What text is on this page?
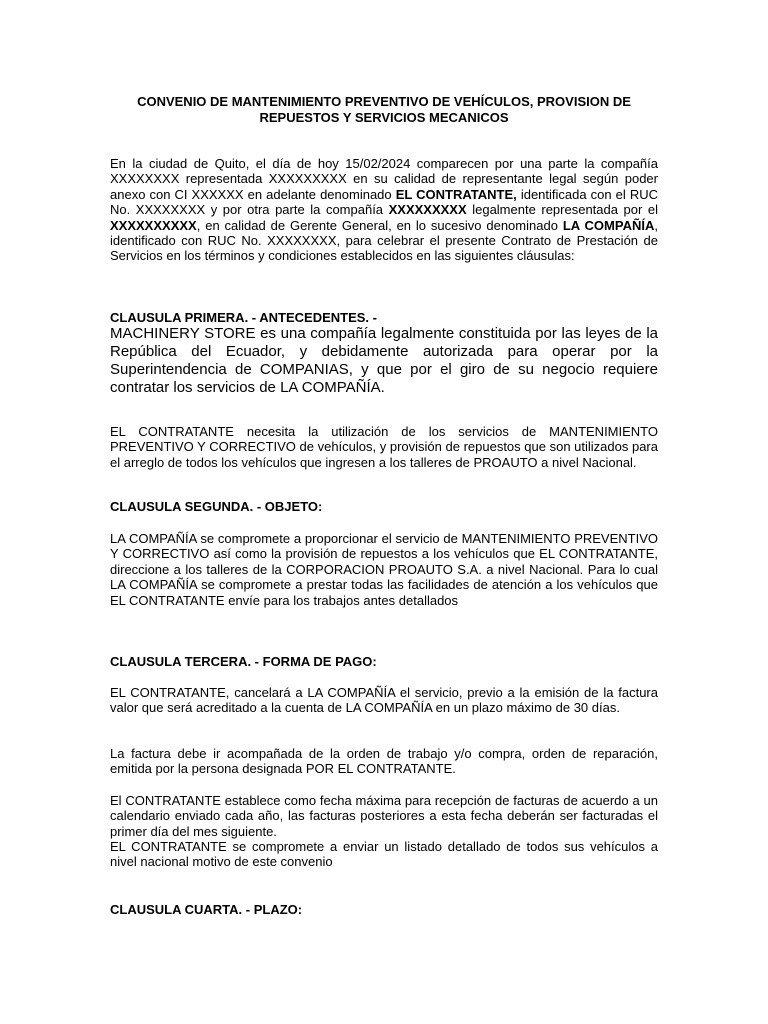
CONVENIO DE MANTENIMIENTO PREVENTIVO DE VEHÍCULOS, PROVISION DE REPUESTOS Y SERVICIOS MECANICOS
En la ciudad de Quito, el día de hoy 15/02/2024 comparecen por una parte la compañía XXXXXXXX representada XXXXXXXXX en su calidad de representante legal según poder anexo con CI XXXXXX en adelante denominado EL CONTRATANTE, identificada con el RUC No. XXXXXXXX y por otra parte la compañía XXXXXXXXX legalmente representada por el XXXXXXXXXX, en calidad de Gerente General, en lo sucesivo denominado LA COMPAÑÍA, identificado con RUC No. XXXXXXXX, para celebrar el presente Contrato de Prestación de Servicios en los términos y condiciones establecidos en las siguientes cláusulas:
CLAUSULA PRIMERA. - ANTECEDENTES. -
MACHINERY STORE es una compañía legalmente constituida por las leyes de la República del Ecuador, y debidamente autorizada para operar por la Superintendencia de COMPANIAS, y que por el giro de su negocio requiere contratar los servicios de LA COMPAÑÍA.
EL CONTRATANTE necesita la utilización de los servicios de MANTENIMIENTO PREVENTIVO Y CORRECTIVO de vehículos, y provisión de repuestos que son utilizados para el arreglo de todos los vehículos que ingresen a los talleres de PROAUTO a nivel Nacional.
CLAUSULA SEGUNDA. - OBJETO:
LA COMPAÑÍA se compromete a proporcionar el servicio de MANTENIMIENTO PREVENTIVO Y CORRECTIVO así como la provisión de repuestos a los vehículos que EL CONTRATANTE, direccione a los talleres de la CORPORACION PROAUTO S.A. a nivel Nacional. Para lo cual LA COMPAÑÍA se compromete a prestar todas las facilidades de atención a los vehículos que EL CONTRATANTE envíe para los trabajos antes detallados
CLAUSULA TERCERA. - FORMA DE PAGO:
EL CONTRATANTE, cancelará a LA COMPAÑÍA el servicio, previo a la emisión de la factura valor que será acreditado a la cuenta de LA COMPAÑÍA en un plazo máximo de 30 días.
La factura debe ir acompañada de la orden de trabajo y/o compra, orden de reparación, emitida por la persona designada POR EL CONTRATANTE.
El CONTRATANTE establece como fecha máxima para recepción de facturas de acuerdo a un calendario enviado cada año, las facturas posteriores a esta fecha deberán ser facturadas el primer día del mes siguiente.
EL CONTRATANTE se compromete a enviar un listado detallado de todos sus vehículos a nivel nacional motivo de este convenio
CLAUSULA CUARTA. - PLAZO:
